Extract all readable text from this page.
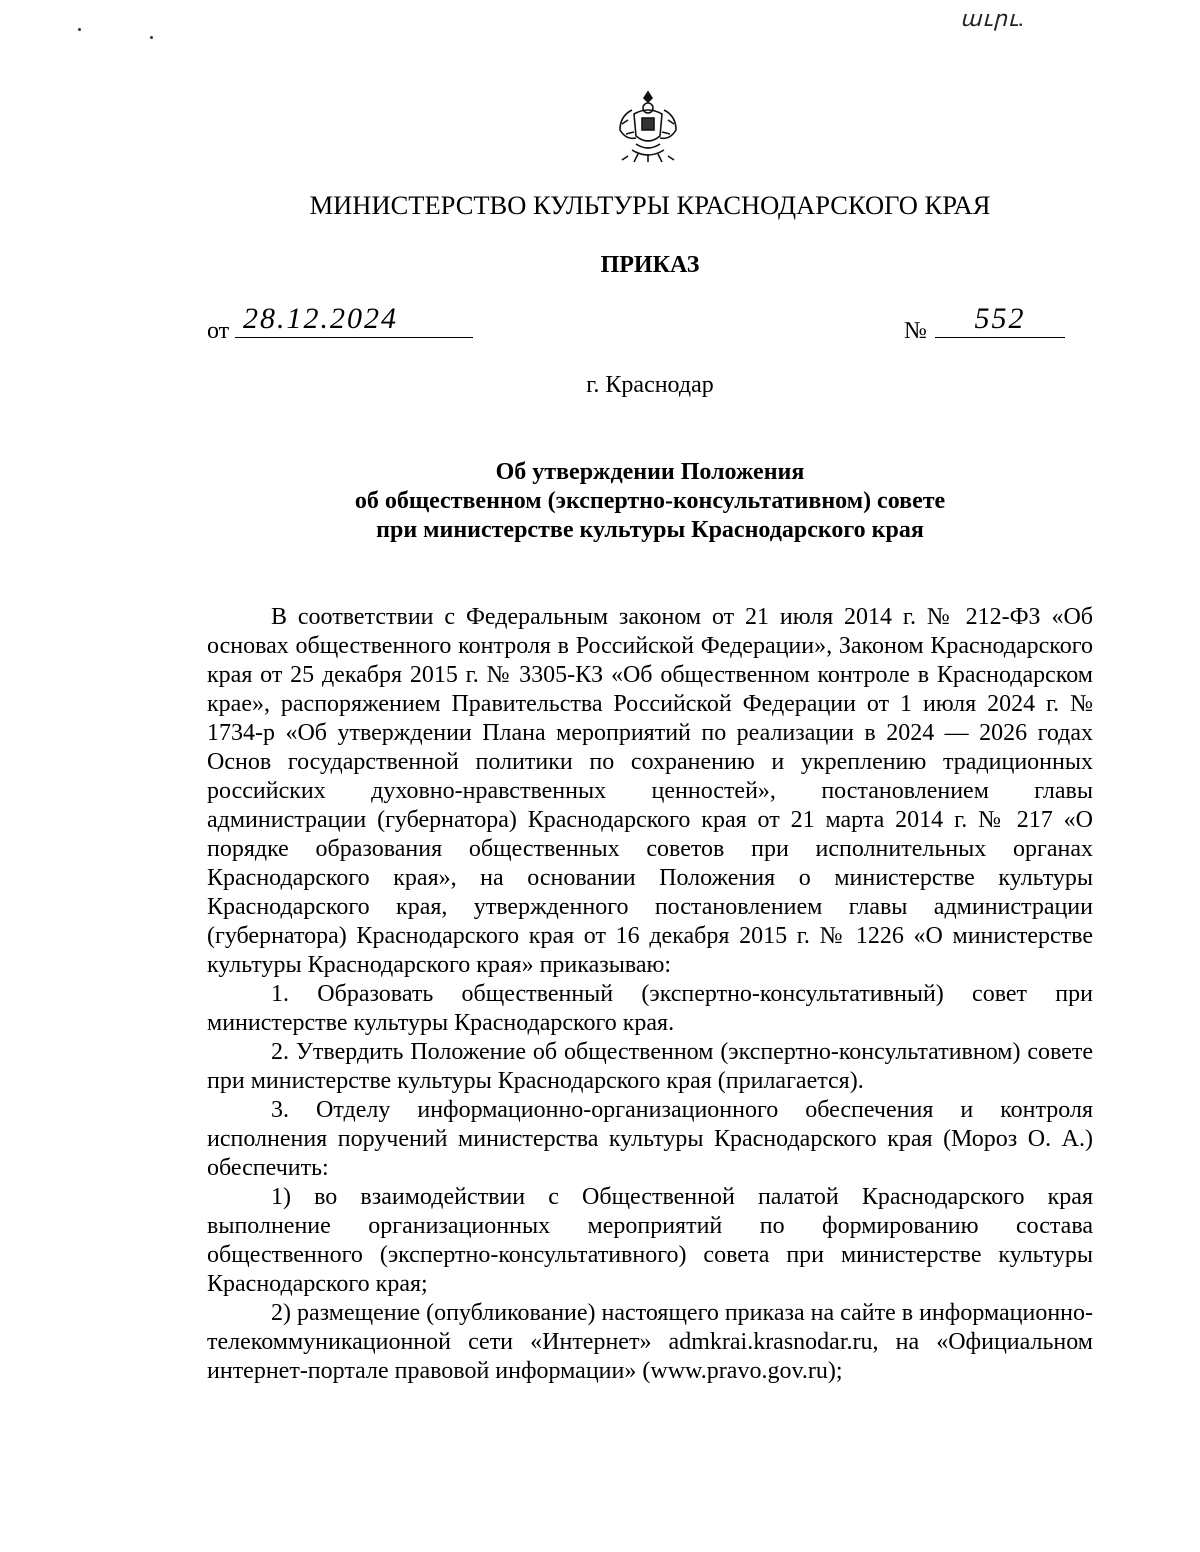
աւրւ.
МИНИСТЕРСТВО КУЛЬТУРЫ КРАСНОДАРСКОГО КРАЯ
ПРИКАЗ
от 28.12.2024	№	552
г. Краснодар
Об утверждении Положения
об общественном (экспертно-консультативном) совете
при министерстве культуры Краснодарского края

В соответствии с Федеральным законом от 21 июля 2014 г. № 212-ФЗ «Об основах общественного контроля в Российской Федерации», Законом Краснодарского края от 25 декабря 2015 г. № 3305-КЗ «Об общественном контроле в Краснодарском крае», распоряжением Правительства Российской Федерации от 1 июля 2024 г. № 1734-р «Об утверждении Плана мероприятий по реализации в 2024 — 2026 годах Основ государственной политики по сохранению и укреплению традиционных российских духовно-нравственных ценностей», постановлением главы администрации (губернатора) Краснодарского края от 21 марта 2014 г. № 217 «О порядке образования общественных советов при исполнительных органах Краснодарского края», на основании Положения о министерстве культуры Краснодарского края, утвержденного постановлением главы администрации (губернатора) Краснодарского края от 16 декабря 2015 г. № 1226 «О министерстве культуры Краснодарского края» приказываю:

1. Образовать общественный (экспертно-консультативный) совет при министерстве культуры Краснодарского края.

2. Утвердить Положение об общественном (экспертно-консультативном) совете при министерстве культуры Краснодарского края (прилагается).

3. Отделу информационно-организационного обеспечения и контроля исполнения поручений министерства культуры Краснодарского края (Мороз О. А.) обеспечить:

1) во взаимодействии с Общественной палатой Краснодарского края выполнение организационных мероприятий по формированию состава общественного (экспертно-консультативного) совета при министерстве культуры Краснодарского края;

2) размещение (опубликование) настоящего приказа на сайте в информационно-телекоммуникационной сети «Интернет» admkrai.krasnodar.ru, на «Официальном интернет-портале правовой информации» (www.pravo.gov.ru);
